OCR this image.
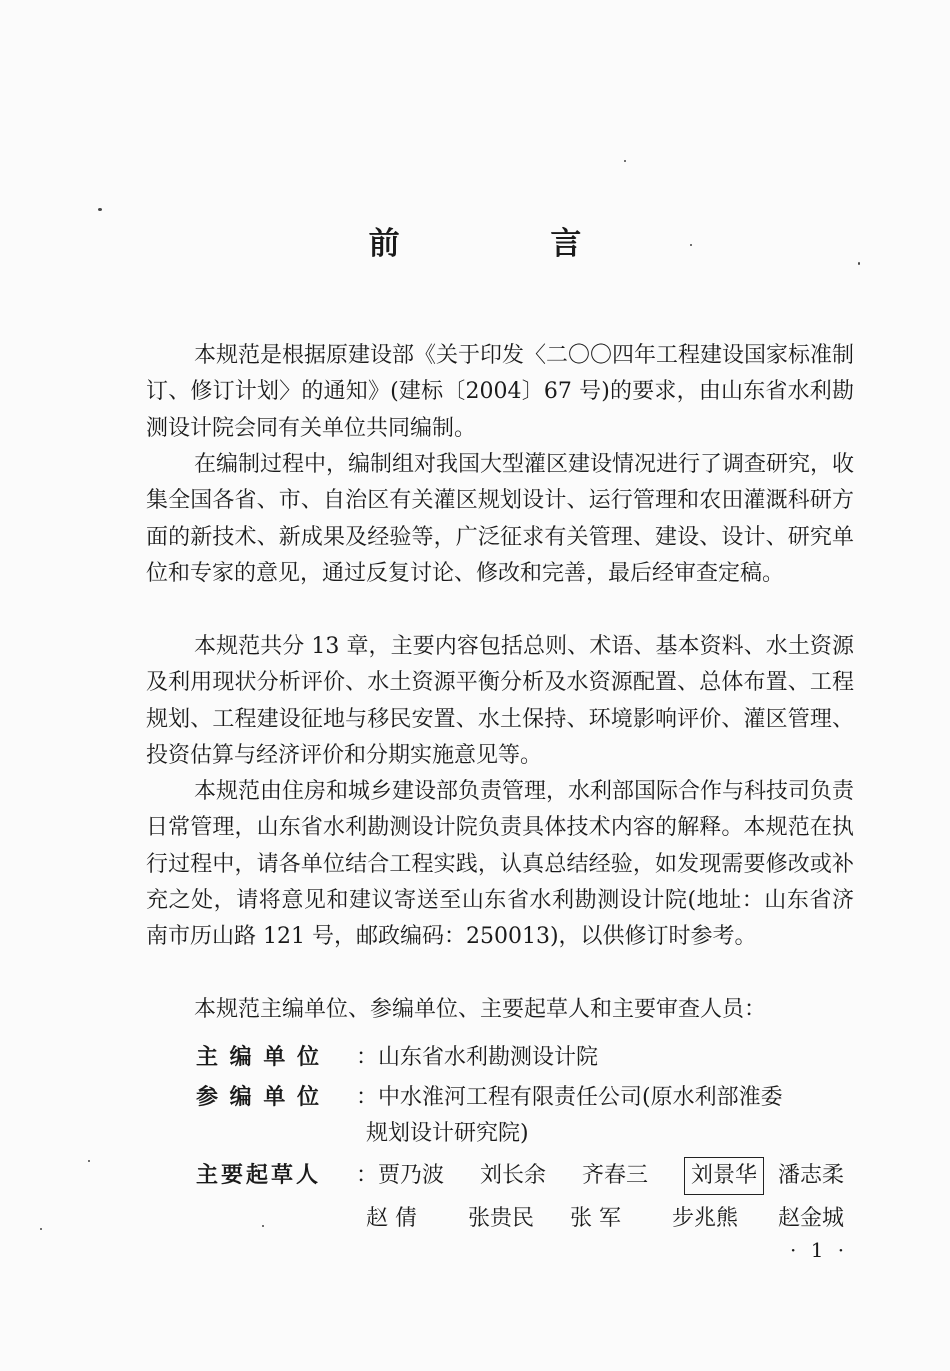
前 言

本规范是根据原建设部《关于印发〈二〇〇四年工程建设国家标准制订、修订计划〉的通知》(建标〔2004〕67 号)的要求，由山东省水利勘测设计院会同有关单位共同编制。

在编制过程中，编制组对我国大型灌区建设情况进行了调查研究，收集全国各省、市、自治区有关灌区规划设计、运行管理和农田灌溉科研方面的新技术、新成果及经验等，广泛征求有关管理、建设、设计、研究单位和专家的意见，通过反复讨论、修改和完善，最后经审查定稿。

本规范共分 13 章，主要内容包括总则、术语、基本资料、水土资源及利用现状分析评价、水土资源平衡分析及水资源配置、总体布置、工程规划、工程建设征地与移民安置、水土保持、环境影响评价、灌区管理、投资估算与经济评价和分期实施意见等。

本规范由住房和城乡建设部负责管理，水利部国际合作与科技司负责日常管理，山东省水利勘测设计院负责具体技术内容的解释。本规范在执行过程中，请各单位结合工程实践，认真总结经验，如发现需要修改或补充之处，请将意见和建议寄送至山东省水利勘测设计院(地址：山东省济南市历山路 121 号，邮政编码：250013)，以供修订时参考。

本规范主编单位、参编单位、主要起草人和主要审查人员：

主 编 单 位 ：山东省水利勘测设计院
参 编 单 位 ：中水淮河工程有限责任公司(原水利部淮委
规划设计研究院)
主要起草人 ：贾乃波 刘长余 齐春三 刘景华 潘志柔
赵 倩 张贵民 张 军 步兆熊 赵金城
· 1 ·
